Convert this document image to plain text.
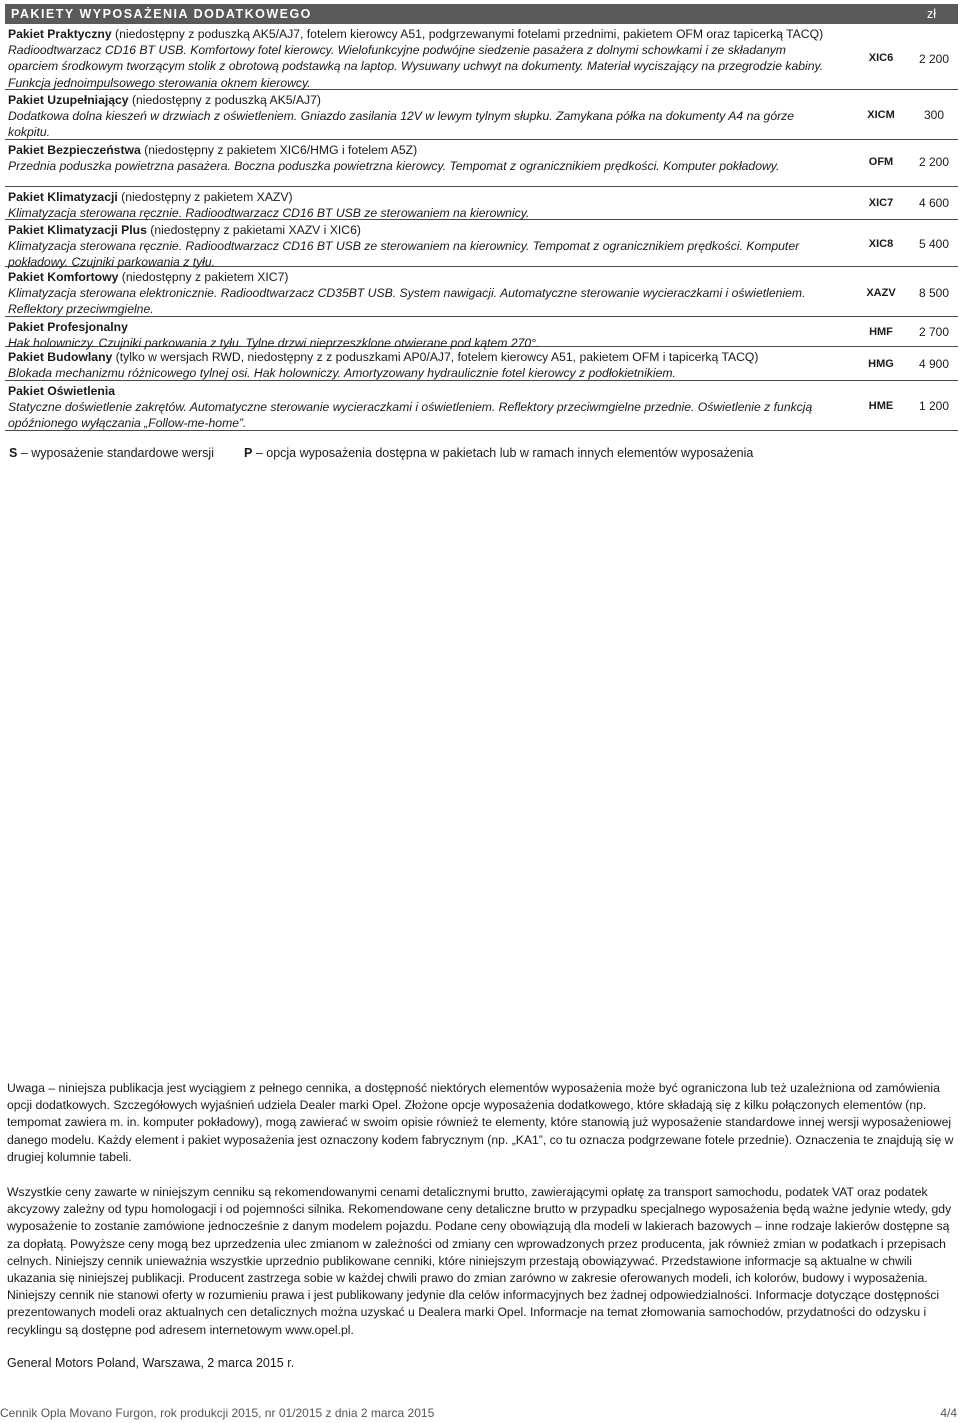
PAKIETY WYPOSAŻENIA DODATKOWEGO	zł
Pakiet Praktyczny (niedostępny z poduszką AK5/AJ7, fotelem kierowcy A51, podgrzewanymi fotelami przednimi, pakietem OFM oraz tapicerką TACQ)
Radioodtwarzacz CD16 BT USB. Komfortowy fotel kierowcy. Wielofunkcyjne podwójne siedzenie pasażera z dolnymi schowkami i ze składanym oparciem środkowym tworzącym stolik z obrotową podstawką na laptop. Wysuwany uchwyt na dokumenty. Materiał wyciszający na przegrodzie kabiny. Funkcja jednoimpulsowego sterowania oknem kierowcy.
XIC6	2 200
Pakiet Uzupełniający (niedostępny z poduszką AK5/AJ7)
Dodatkowa dolna kieszeń w drzwiach z oświetleniem. Gniazdo zasilania 12V w lewym tylnym słupku. Zamykana półka na dokumenty A4 na górze kokpitu.
XICM	300
Pakiet Bezpieczeństwa (niedostępny z pakietem XIC6/HMG i fotelem A5Z)
Przednia poduszka powietrzna pasażera. Boczna poduszka powietrzna kierowcy. Tempomat z ogranicznikiem prędkości. Komputer pokładowy.	OFM	2 200
Pakiet Klimatyzacji (niedostępny z pakietem XAZV)
Klimatyzacja sterowana ręcznie. Radioodtwarzacz CD16 BT USB ze sterowaniem na kierownicy.
XIC7	4 600
Pakiet Klimatyzacji Plus (niedostępny z pakietami XAZV i XIC6)
Klimatyzacja sterowana ręcznie. Radioodtwarzacz CD16 BT USB ze sterowaniem na kierownicy. Tempomat z ogranicznikiem prędkości. Komputer pokładowy. Czujniki parkowania z tyłu.
XIC8	5 400
Pakiet Komfortowy (niedostępny z pakietem XIC7)
Klimatyzacja sterowana elektronicznie. Radioodtwarzacz CD35BT USB. System nawigacji. Automatyczne sterowanie wycieraczkami i oświetleniem. Reflektory przeciwmgielne.
XAZV	8 500
Pakiet Profesjonalny
Hak holowniczy. Czujniki parkowania z tyłu. Tylne drzwi nieprzeszklone otwierane pod kątem 270°.
HMF	2 700
Pakiet Budowlany (tylko w wersjach RWD, niedostępny z z poduszkami AP0/AJ7, fotelem kierowcy A51, pakietem OFM i tapicerką TACQ)
Blokada mechanizmu różnicowego tylnej osi. Hak holowniczy. Amortyzowany hydraulicznie fotel kierowcy z podłokietnikiem.
HMG	4 900
Pakiet Oświetlenia
Statyczne doświetlenie zakrętów. Automatyczne sterowanie wycieraczkami i oświetleniem. Reflektory przeciwmgielne przednie. Oświetlenie z funkcją opóźnionego wyłączania „Follow-me-home”.
HME	1 200
S – wyposażenie standardowe wersji P – opcja wyposażenia dostępna w pakietach lub w ramach innych elementów wyposażenia
Uwaga – niniejsza publikacja jest wyciągiem z pełnego cennika, a dostępność niektórych elementów wyposażenia może być ograniczona lub też uzależniona od zamówienia opcji dodatkowych. Szczegółowych wyjaśnień udziela Dealer marki Opel. Złożone opcje wyposażenia dodatkowego, które składają się z kilku połączonych elementów (np. tempomat zawiera m. in. komputer pokładowy), mogą zawierać w swoim opisie również te elementy, które stanowią już wyposażenie standardowe innej wersji wyposażeniowej danego modelu. Każdy element i pakiet wyposażenia jest oznaczony kodem fabrycznym (np. „KA1”, co tu oznacza podgrzewane fotele przednie). Oznaczenia te znajdują się w drugiej kolumnie tabeli.
Wszystkie ceny zawarte w niniejszym cenniku są rekomendowanymi cenami detalicznymi brutto, zawierającymi opłatę za transport samochodu, podatek VAT oraz podatek akcyzowy zależny od typu homologacji i od pojemności silnika. Rekomendowane ceny detaliczne brutto w przypadku specjalnego wyposażenia będą ważne jedynie wtedy, gdy wyposażenie to zostanie zamówione jednocześnie z danym modelem pojazdu. Podane ceny obowiązują dla modeli w lakierach bazowych – inne rodzaje lakierów dostępne są za dopłatą. Powyższe ceny mogą bez uprzedzenia ulec zmianom w zależności od zmiany cen wprowadzonych przez producenta, jak również zmian w podatkach i przepisach celnych. Niniejszy cennik unieważnia wszystkie uprzednio publikowane cenniki, które niniejszym przestają obowiązywać. Przedstawione informacje są aktualne w chwili ukazania się niniejszej publikacji. Producent zastrzega sobie w każdej chwili prawo do zmian zarówno w zakresie oferowanych modeli, ich kolorów, budowy i wyposażenia. Niniejszy cennik nie stanowi oferty w rozumieniu prawa i jest publikowany jedynie dla celów informacyjnych bez żadnej odpowiedzialności. Informacje dotyczące dostępności prezentowanych modeli oraz aktualnych cen detalicznych można uzyskać u Dealera marki Opel. Informacje na temat złomowania samochodów, przydatności do odzysku i recyklingu są dostępne pod adresem internetowym www.opel.pl.
General Motors Poland, Warszawa, 2 marca 2015 r.
Cennik Opla Movano Furgon, rok produkcji 2015, nr 01/2015 z dnia 2 marca 2015	4/4
